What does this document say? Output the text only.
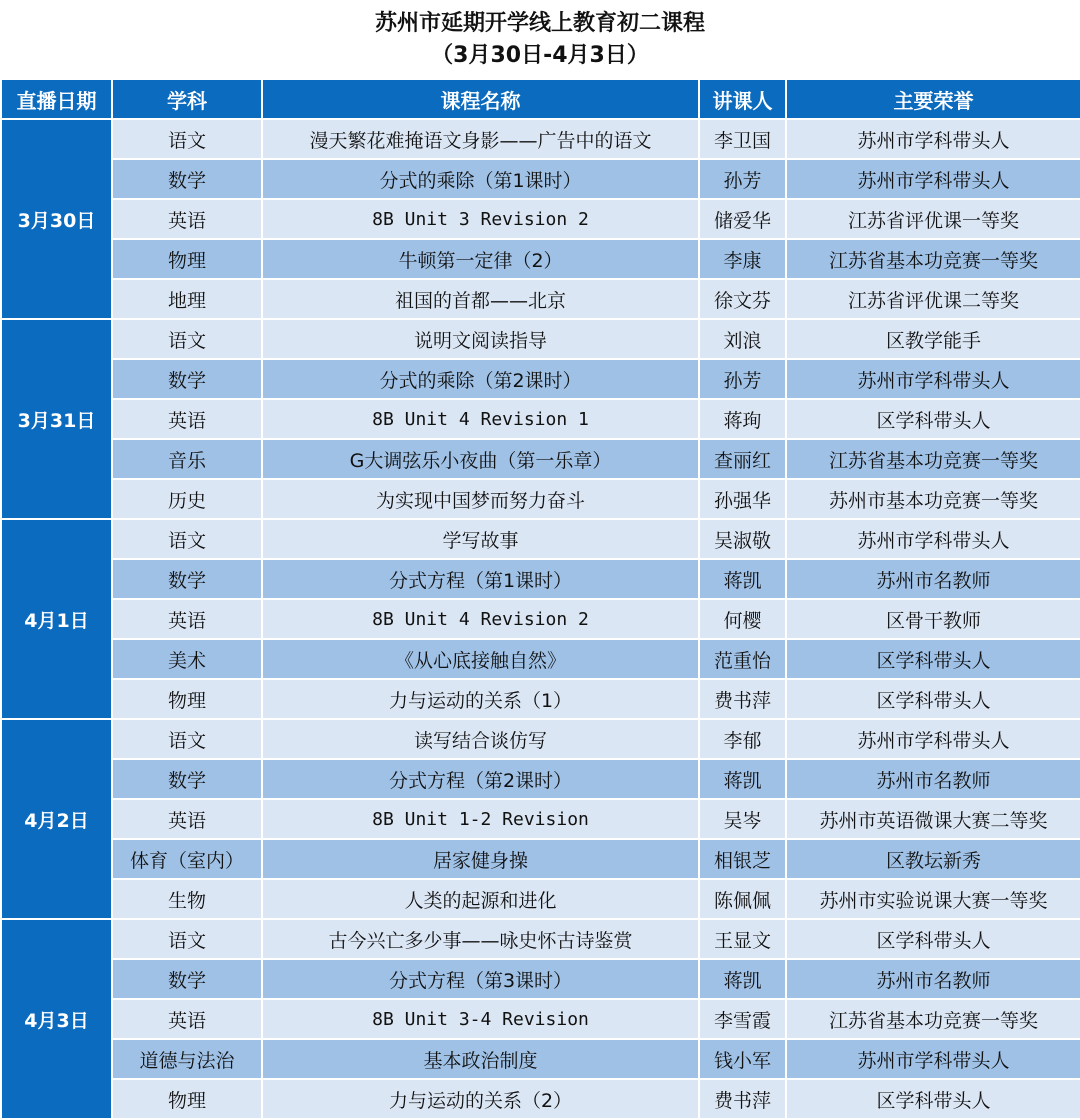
苏州市延期开学线上教育初二课程
（3月30日-4月3日）
直播日期	学科	课程名称	讲课人	主要荣誉
3月30日	语文	漫天繁花难掩语文身影——广告中的语文	李卫国	苏州市学科带头人
	数学	分式的乘除（第1课时）	孙芳	苏州市学科带头人
	英语	8B Unit 3 Revision 2	储爱华	江苏省评优课一等奖
	物理	牛顿第一定律（2）	李康	江苏省基本功竞赛一等奖
	地理	祖国的首都——北京	徐文芬	江苏省评优课二等奖
3月31日	语文	说明文阅读指导	刘浪	区教学能手
	数学	分式的乘除（第2课时）	孙芳	苏州市学科带头人
	英语	8B Unit 4 Revision 1	蒋珣	区学科带头人
	音乐	G大调弦乐小夜曲（第一乐章）	查丽红	江苏省基本功竞赛一等奖
	历史	为实现中国梦而努力奋斗	孙强华	苏州市基本功竞赛一等奖
4月1日	语文	学写故事	吴淑敬	苏州市学科带头人
	数学	分式方程（第1课时）	蒋凯	苏州市名教师
	英语	8B Unit 4 Revision 2	何樱	区骨干教师
	美术	《从心底接触自然》	范重怡	区学科带头人
	物理	力与运动的关系（1）	费书萍	区学科带头人
4月2日	语文	读写结合谈仿写	李郁	苏州市学科带头人
	数学	分式方程（第2课时）	蒋凯	苏州市名教师
	英语	8B Unit 1-2 Revision	吴岑	苏州市英语微课大赛二等奖
	体育（室内）	居家健身操	相银芝	区教坛新秀
	生物	人类的起源和进化	陈佩佩	苏州市实验说课大赛一等奖
4月3日	语文	古今兴亡多少事——咏史怀古诗鉴赏	王显文	区学科带头人
	数学	分式方程（第3课时）	蒋凯	苏州市名教师
	英语	8B Unit 3-4 Revision	李雪霞	江苏省基本功竞赛一等奖
	道德与法治	基本政治制度	钱小军	苏州市学科带头人
	物理	力与运动的关系（2）	费书萍	区学科带头人
